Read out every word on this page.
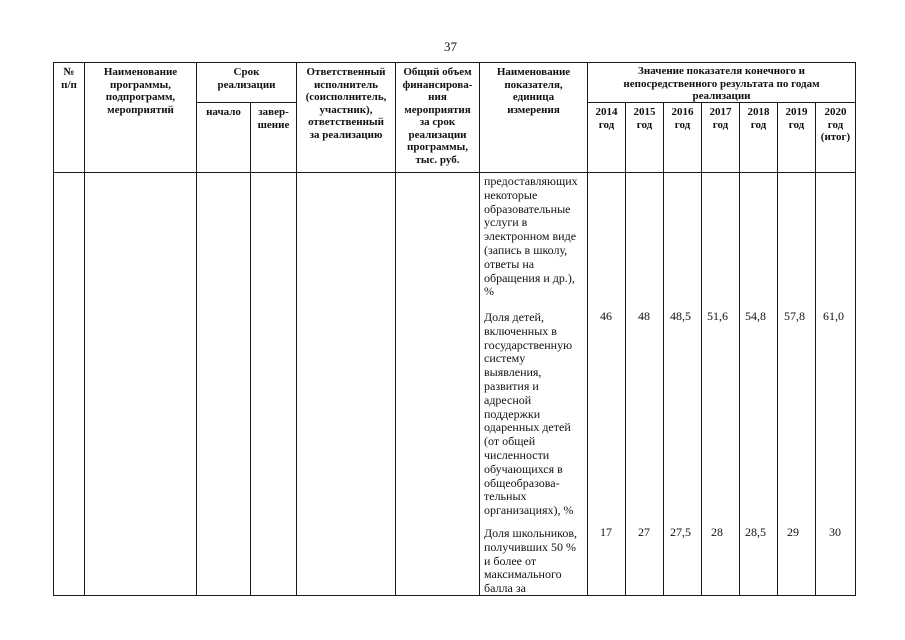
37
№
п/п
Наименование
программы,
подпрограмм,
мероприятий
Срок
реализации
начало	завер-
шение
Ответственный
исполнитель
(соисполнитель,
участник),
ответственный
за реализацию
Общий объем
финансирова-
ния
мероприятия
за срок
реализации
программы,
тыс. руб.
Наименование
показателя,
единица
измерения
Значение показателя конечного и
непосредственного результата по годам
реализации
2014
год
2015
год
2016
год
2017
год
2018
год
2019
год
2020
год
(итог)
предоставляющих
некоторые
образовательные
услуги в
электронном виде
(запись в школу,
ответы на
обращения и др.),
%
Доля детей,
включенных в
государственную
систему
выявления,
развития и
адресной
поддержки
одаренных детей
(от общей
численности
обучающихся в
общеобразова-
тельных
организациях), %
46 48 48,5 51,6 54,8 57,8 61,0
Доля школьников,
получивших 50 %
и более от
максимального
балла за
17 27 27,5 28 28,5 29	30
